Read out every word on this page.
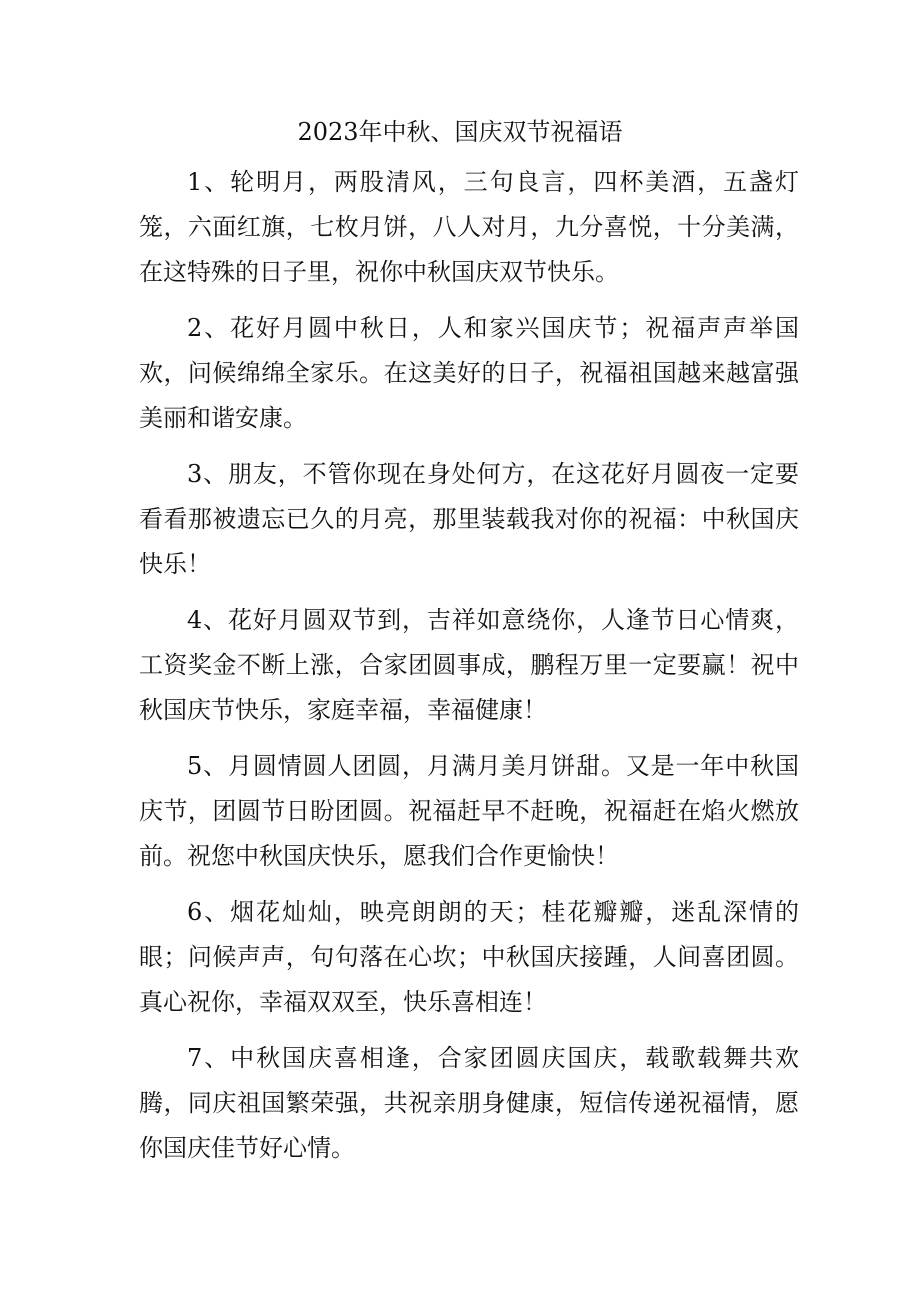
2023年中秋、国庆双节祝福语

1、轮明月，两股清风，三句良言，四杯美酒，五盏灯笼，六面红旗，七枚月饼，八人对月，九分喜悦，十分美满，在这特殊的日子里，祝你中秋国庆双节快乐。

2、花好月圆中秋日，人和家兴国庆节；祝福声声举国欢，问候绵绵全家乐。在这美好的日子，祝福祖国越来越富强美丽和谐安康。

3、朋友，不管你现在身处何方，在这花好月圆夜一定要看看那被遗忘已久的月亮，那里装载我对你的祝福：中秋国庆快乐！

4、花好月圆双节到，吉祥如意绕你，人逢节日心情爽，工资奖金不断上涨，合家团圆事成，鹏程万里一定要赢！祝中秋国庆节快乐，家庭幸福，幸福健康！

5、月圆情圆人团圆，月满月美月饼甜。又是一年中秋国庆节，团圆节日盼团圆。祝福赶早不赶晚，祝福赶在焰火燃放前。祝您中秋国庆快乐，愿我们合作更愉快！

6、烟花灿灿，映亮朗朗的天；桂花瓣瓣，迷乱深情的眼；问候声声，句句落在心坎；中秋国庆接踵，人间喜团圆。真心祝你，幸福双双至，快乐喜相连！

7、中秋国庆喜相逢，合家团圆庆国庆，载歌载舞共欢腾，同庆祖国繁荣强，共祝亲朋身健康，短信传递祝福情，愿你国庆佳节好心情。
